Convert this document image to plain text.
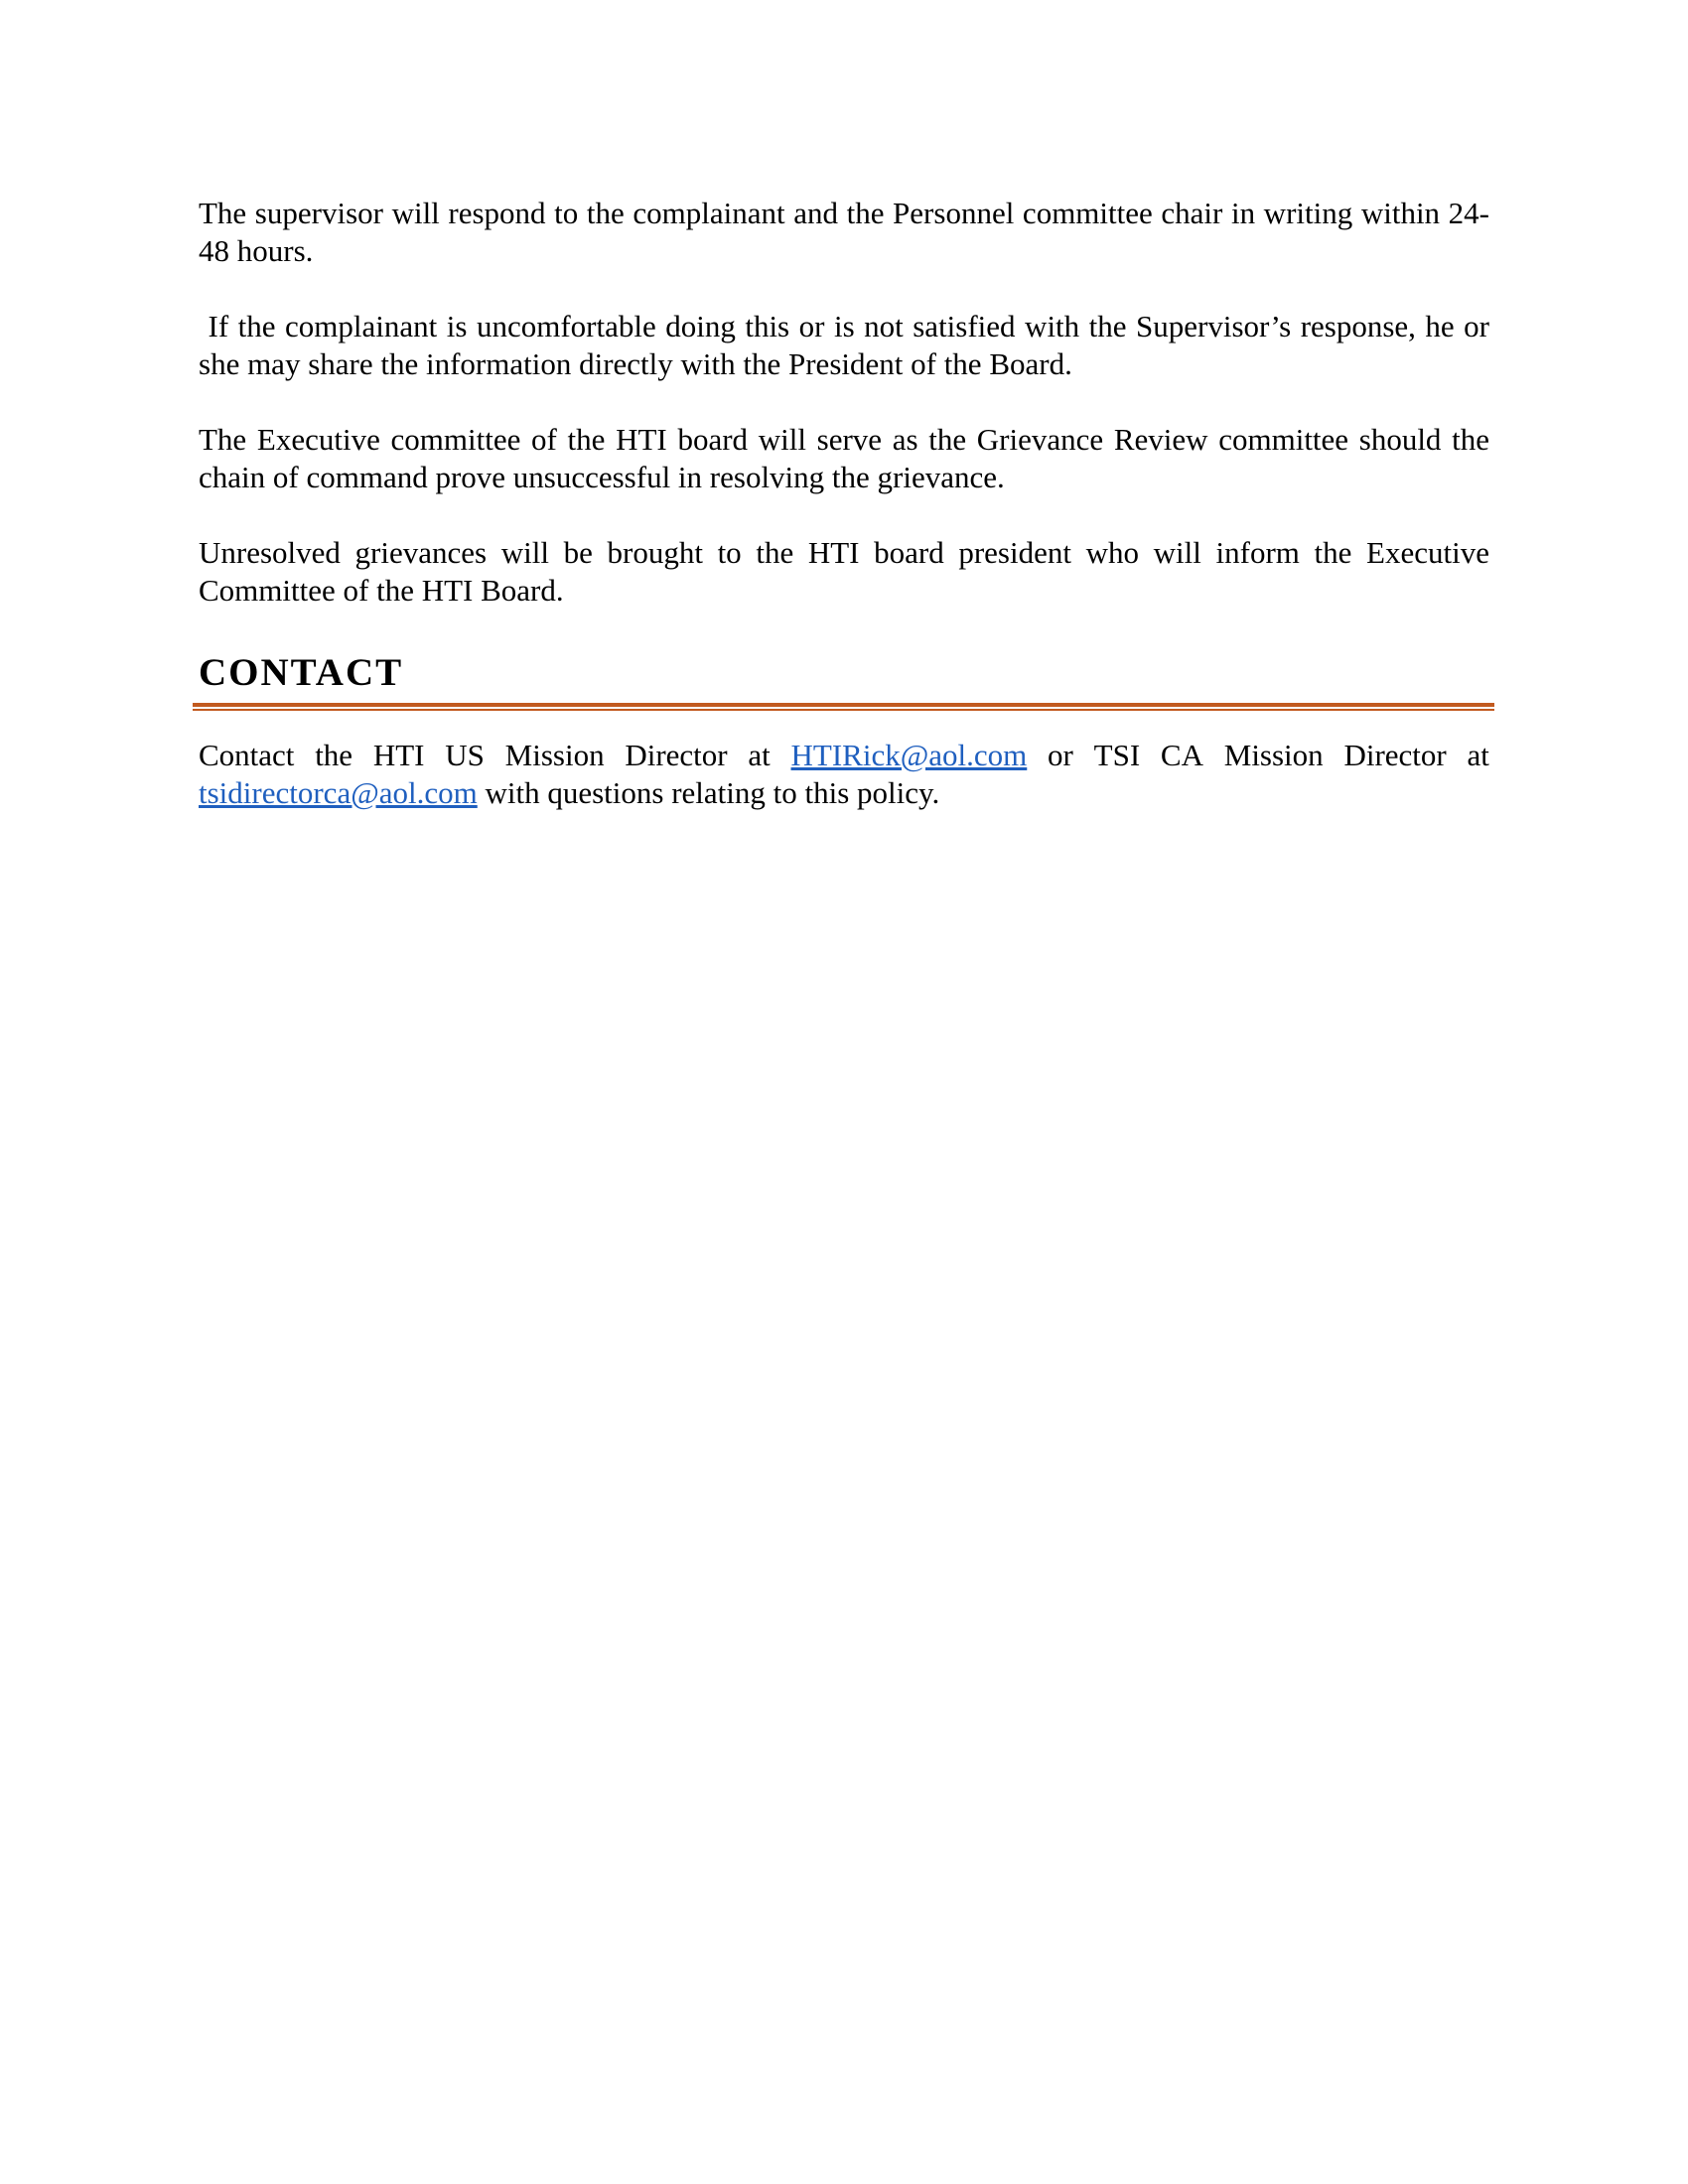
The supervisor will respond to the complainant and the Personnel committee chair in writing within 24-48 hours.

If the complainant is uncomfortable doing this or is not satisfied with the Supervisor’s response, he or she may share the information directly with the President of the Board.

The Executive committee of the HTI board will serve as the Grievance Review committee should the chain of command prove unsuccessful in resolving the grievance.

Unresolved grievances will be brought to the HTI board president who will inform the Executive Committee of the HTI Board.

CONTACT
Contact the HTI US Mission Director at HTIRick@aol.com or TSI CA Mission Director at
tsidirectorca@aol.com with questions relating to this policy.
